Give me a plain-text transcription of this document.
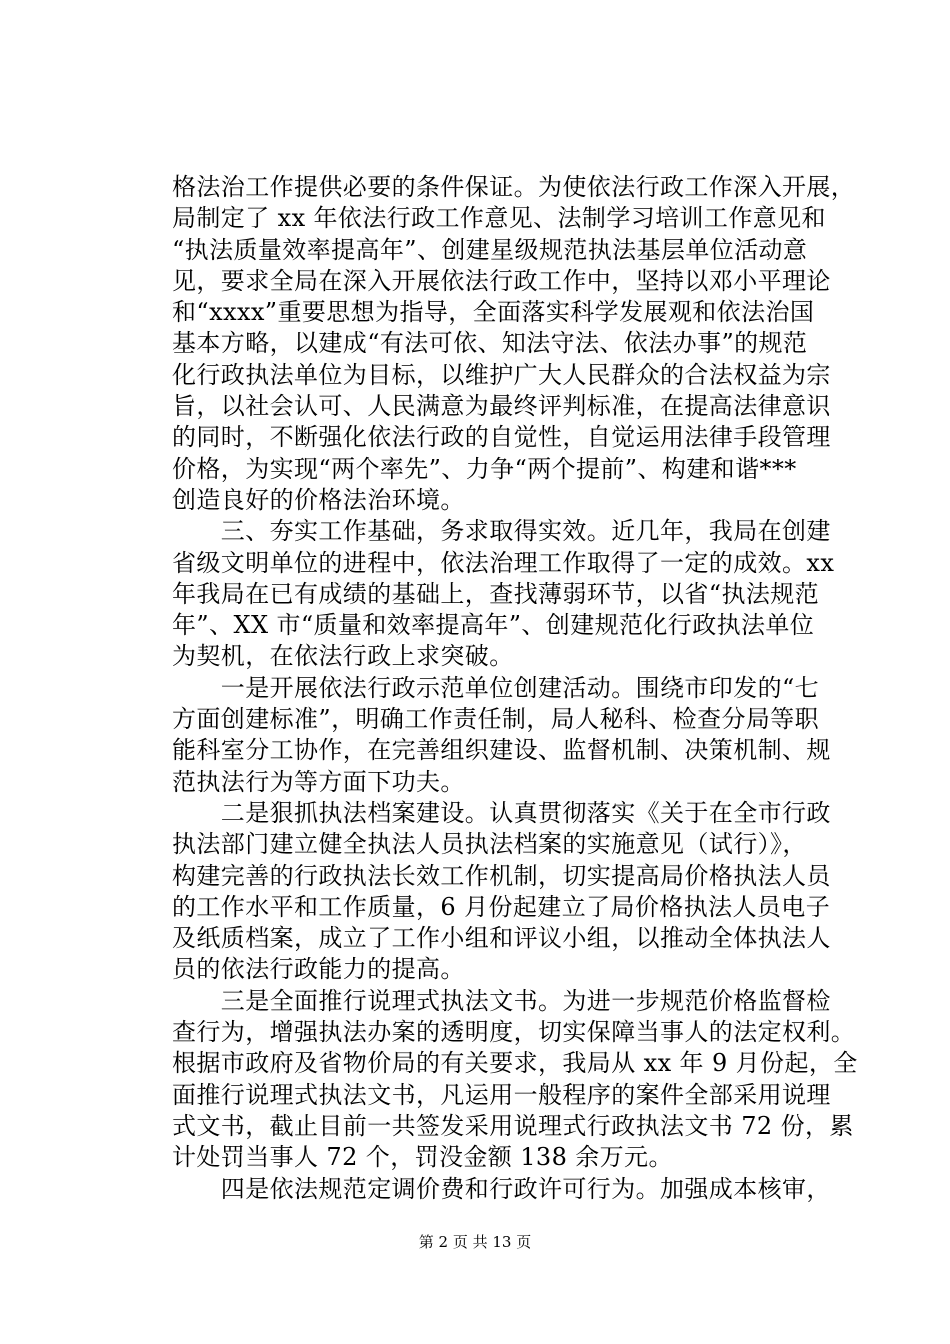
格法治工作提供必要的条件保证。为使依法行政工作深入开展，
局制定了 xx 年依法行政工作意见、法制学习培训工作意见和
“执法质量效率提高年”、创建星级规范执法基层单位活动意
见，要求全局在深入开展依法行政工作中，坚持以邓小平理论
和“xxxx”重要思想为指导，全面落实科学发展观和依法治国
基本方略，以建成“有法可依、知法守法、依法办事”的规范
化行政执法单位为目标，以维护广大人民群众的合法权益为宗
旨，以社会认可、人民满意为最终评判标准，在提高法律意识
的同时，不断强化依法行政的自觉性，自觉运用法律手段管理
价格，为实现“两个率先”、力争“两个提前”、构建和谐***
创造良好的价格法治环境。
　　三、夯实工作基础，务求取得实效。近几年，我局在创建
省级文明单位的进程中，依法治理工作取得了一定的成效。xx
年我局在已有成绩的基础上，查找薄弱环节，以省“执法规范
年”、XX 市“质量和效率提高年”、创建规范化行政执法单位
为契机，在依法行政上求突破。
　　一是开展依法行政示范单位创建活动。围绕市印发的“七
方面创建标准”，明确工作责任制，局人秘科、检查分局等职
能科室分工协作，在完善组织建设、监督机制、决策机制、规
范执法行为等方面下功夫。
　　二是狠抓执法档案建设。认真贯彻落实《关于在全市行政
执法部门建立健全执法人员执法档案的实施意见（试行）》，
构建完善的行政执法长效工作机制，切实提高局价格执法人员
的工作水平和工作质量，6 月份起建立了局价格执法人员电子
及纸质档案，成立了工作小组和评议小组，以推动全体执法人
员的依法行政能力的提高。
　　三是全面推行说理式执法文书。为进一步规范价格监督检
查行为，增强执法办案的透明度，切实保障当事人的法定权利。
根据市政府及省物价局的有关要求，我局从 xx 年 9 月份起，全
面推行说理式执法文书，凡运用一般程序的案件全部采用说理
式文书，截止目前一共签发采用说理式行政执法文书 72 份，累
计处罚当事人 72 个，罚没金额 138 余万元。
　　四是依法规范定调价费和行政许可行为。加强成本核审，
第 2 页 共 13 页
